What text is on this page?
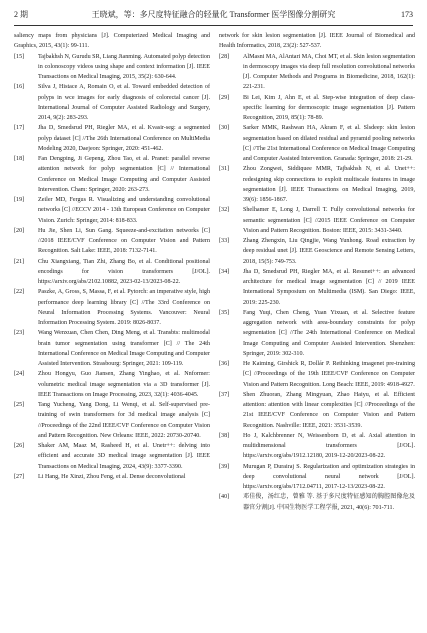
2 期	王晓斌，等：多尺度特征融合的轻量化 Transformer 医学图像分割研究	173
saliency maps from physicians [J]. Computerized Medical Imaging and Graphics, 2015, 43(1): 99-111.
[15] Tajbakhsh N, Gurudu SR, Liang Jianming. Automated polyp detection in colonoscopy videos using shape and context information [J]. IEEE Transactions on Medical Imaging, 2015, 35(2): 630-644.
[16] Silva J, Histace A, Romain O, et al. Toward embedded detection of polyps in wce images for early diagnosis of colorectal cancer [J]. International Journal of Computer Assisted Radiology and Surgery, 2014, 9(2): 283-293.
[17] Jha D, Smedsrud PH, Riegler MA, et al. Kvasir-seg: a segmented polyp dataset [C] //The 26th International Conference on MultiMedia Modeling 2020, Daejeon: Springer, 2020: 451-462.
[18] Fan Dengping, Ji Gepeng, Zhou Tao, et al. Pranet: parallel reverse attention network for polyp segmentation [C] // International Conference on Medical Image Computing and Computer Assisted Intervention. Cham: Springer, 2020: 263-273.
[19] Zeiler MD, Fergus R. Visualizing and understanding convolutional networks [C] //ECCV 2014 - 13th European Conference on Computer Vision. Zurich: Springer, 2014: 818-833.
[20] Hu Jie, Shen Li, Sun Gang. Squeeze-and-excitation networks [C] //2018 IEEE/CVF Conference on Computer Vision and Pattern Recognition. Salt Lake: IEEE, 2018: 7132-7141.
[21] Chu Xiangxiang, Tian Zhi, Zhang Bo, et al. Conditional positional encodings for vision transformers [J/OL]. https://arxiv.org/abs/2102.10882, 2023-02-13/2023-08-22.
[22] Paszke, A, Gross, S, Massa, F, et al. Pytorch: an imperative style, high performance deep learning library [C] //The 33rd Conference on Neural Information Processing Systems. Vancouver: Neural Information Processing System. 2019: 8026-8037.
[23] Wang Wenxuan, Chen Chen, Ding Meng, et al. Transbts: multimodal brain tumor segmentation using transformer [C] // The 24th International Conference on Medical Image Computing and Computer Assisted Intervention. Strasbourg: Springer, 2021: 109-119.
[24] Zhou Hongyu, Guo Jiansen, Zhang Yinghao, et al. Nnformer: volumetric medical image segmentation via a 3D transformer [J]. IEEE Transactions on Image Processing, 2023, 32(1): 4036-4045.
[25] Tang Yucheng, Yang Dong, Li Wenqi, et al. Self-supervised pre-training of swin transformers for 3d medical image analysis [C] //Proceedings of the 22nd IEEE/CVF Conference on Computer Vision and Pattern Recognition. New Orleans: IEEE, 2022: 20730-20740.
[26] Shaker AM, Maaz M, Rasheed H, et al. Unetr++: delving into efficient and accurate 3D medical image segmentation [J]. IEEE Transactions on Medical Imaging, 2024, 43(9): 3377-3390.
[27] Li Hang, He Xinzi, Zhou Feng, et al. Dense deconvolutional
network for skin lesion segmentation [J]. IEEE Journal of Biomedical and Health Informatics, 2018, 23(2): 527-537.
[28] AlMasni MA, AlAntari MA, Choi MT, et al. Skin lesion segmentation in dermoscopy images via deep full resolution convolutional networks [J]. Computer Methods and Programs in Biomedicine, 2018, 162(1): 221-231.
[29] Bi Lei, Kim J, Ahn E, et al. Step-wise integration of deep class-specific learning for dermoscopic image segmentation [J]. Pattern Recognition, 2019, 85(1): 78-89.
[30] Sarker MMK, Rashwan HA, Akram F, et al. Slsdeep: skin lesion segmentation based on dilated residual and pyramid pooling networks [C] //The 21st International Conference on Medical Image Computing and Computer Assisted Intervention. Granada: Springer, 2018: 21-29.
[31] Zhou Zongwei, Siddiquee MMR, Tajbakhsh N, et al. Unet++: redesigning skip connections to exploit multiscale features in image segmentation [J]. IEEE Transactions on Medical Imaging, 2019, 39(6): 1856-1867.
[32] Shelhamer E, Long J, Darrell T. Fully convolutional networks for semantic segmentation [C] //2015 IEEE Conference on Computer Vision and Pattern Recognition. Boston: IEEE, 2015: 3431-3440.
[33] Zhang Zhengxin, Liu Qingjie, Wang Yunhong. Road extraction by deep residual unet [J]. IEEE Geoscience and Remote Sensing Letters, 2018, 15(5): 749-753.
[34] Jha D, Smedsrud PH, Riegler MA, et al. Resunet++: an advanced architecture for medical image segmentation [C] // 2019 IEEE International Symposium on Multimedia (ISM). San Diego: IEEE, 2019: 225-230.
[35] Fang Yuqi, Chen Cheng, Yuan Yixuan, et al. Selective feature aggregation network with area-boundary constraints for polyp segmentation [C] //The 24th International Conference on Medical Image Computing and Computer Assisted Intervention. Shenzhen: Springer, 2019: 302-310.
[36] He Kaiming, Girshick R, Dollár P. Rethinking imagenet pre-training [C] //Proceedings of the 19th IEEE/CVF Conference on Computer Vision and Pattern Recognition. Long Beach: IEEE, 2019: 4918-4927.
[37] Shen Zhuoran, Zhang Mingyuan, Zhao Haiyu, et al. Efficient attention: attention with linear complexities [C] //Proceedings of the 21st IEEE/CVF Conference on Computer Vision and Pattern Recognition. Nashville: IEEE, 2021: 3531-3539.
[38] Ho J, Kalchbrenner N, Weissenborn D, et al. Axial attention in multidimensional transformers [J/OL]. https://arxiv.org/abs/1912.12180, 2019-12-20/2023-08-22.
[39] Murugan P, Durairaj S. Regularization and optimization strategies in deep convolutional neural network [J/OL]. https://arxiv.org/abs/1712.04711, 2017-12-13/2023-08-22.
[40] 邓佳俊，汤红忠，曾雅 等. 基于多尺度特征感知的胸腔图像危及器官分割[J]. 中国生物医学工程学报, 2021, 40(6): 701-711.
